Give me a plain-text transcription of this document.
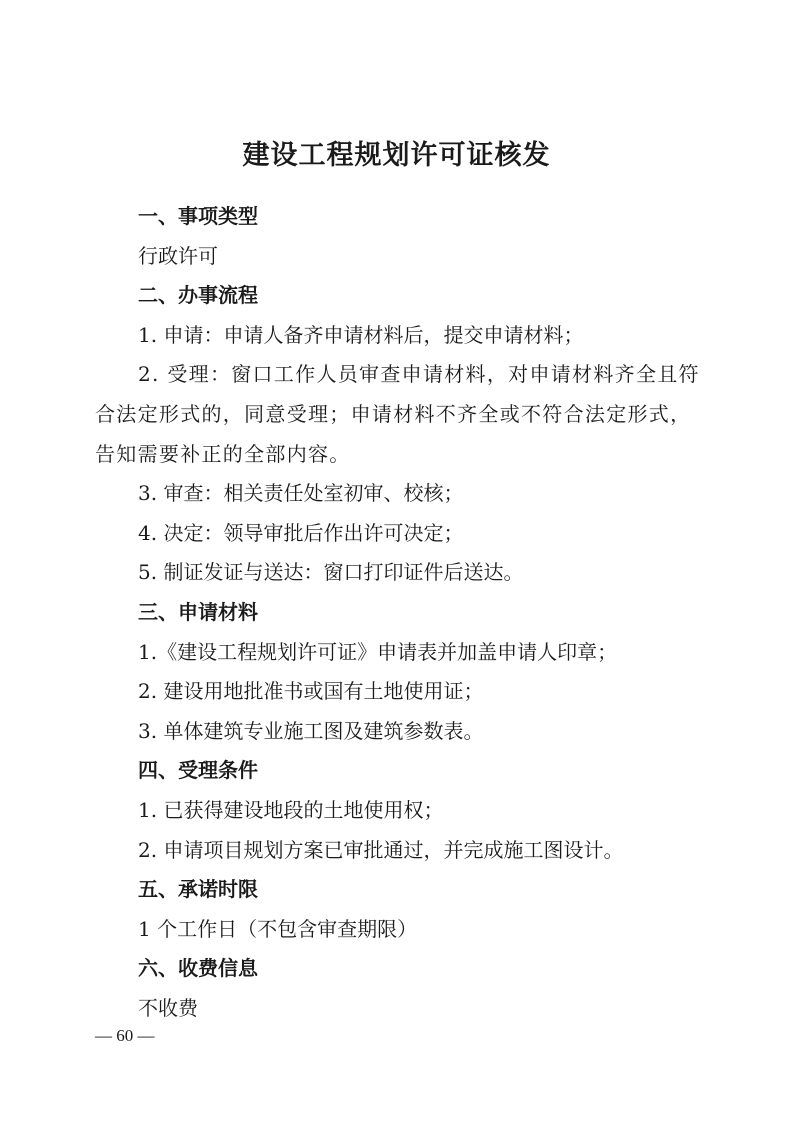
建设工程规划许可证核发

一、事项类型

行政许可

二、办事流程

1. 申请：申请人备齐申请材料后，提交申请材料；

2. 受理：窗口工作人员审查申请材料，对申请材料齐全且符合法定形式的，同意受理；申请材料不齐全或不符合法定形式，告知需要补正的全部内容。

3. 审查：相关责任处室初审、校核；

4. 决定：领导审批后作出许可决定；

5. 制证发证与送达：窗口打印证件后送达。

三、申请材料

1.《建设工程规划许可证》申请表并加盖申请人印章；

2. 建设用地批准书或国有土地使用证；

3. 单体建筑专业施工图及建筑参数表。

四、受理条件

1. 已获得建设地段的土地使用权；

2. 申请项目规划方案已审批通过，并完成施工图设计。

五、承诺时限

1 个工作日（不包含审查期限）

六、收费信息

不收费

— 60 —
